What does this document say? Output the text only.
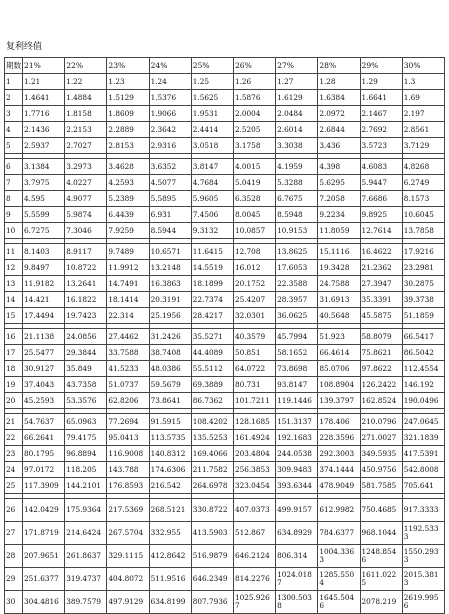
复利终值
期数	21%	22%	23%	24%	25%	26%	27%	28%	29%	30%
1	1.21	1.22	1.23	1.24	1.25	1.26	1.27	1.28	1.29	1.3
2	1.4641	1.4884	1.5129	1.5376	1.5625	1.5876	1.6129	1.6384	1.6641	1.69
3	1.7716	1.8158	1.8609	1.9066	1.9531	2.0004	2.0484	2.0972	2.1467	2.197
4	2.1436	2.2153	2.2889	2.3642	2.4414	2.5205	2.6014	2.6844	2.7692	2.8561
5	2.5937	2.7027	2.8153	2.9316	3.0518	3.1758	3.3038	3.436	3.5723	3.7129

6	3.1384	3.2973	3.4628	3.6352	3.8147	4.0015	4.1959	4.398	4.6083	4.8268
7	3.7975	4.0227	4.2593	4.5077	4.7684	5.0419	5.3288	5.6295	5.9447	6.2749
8	4.595	4.9077	5.2389	5.5895	5.9605	6.3528	6.7675	7.2058	7.6686	8.1573
9	5.5599	5.9874	6.4439	6.931	7.4506	8.0045	8.5948	9.2234	9.8925	10.6045
10	6.7275	7.3046	7.9259	8.5944	9.3132	10.0857	10.9153	11.8059	12.7614	13.7858

11	8.1403	8.9117	9.7489	10.6571	11.6415	12.708	13.8625	15.1116	16.4622	17.9216
12	9.8497	10.8722	11.9912	13.2148	14.5519	16.012	17.6053	19.3428	21.2362	23.2981
13	11.9182	13.2641	14.7491	16.3863	18.1899	20.1752	22.3588	24.7588	27.3947	30.2875
14	14.421	16.1822	18.1414	20.3191	22.7374	25.4207	28.3957	31.6913	35.3391	39.3738
15	17.4494	19.7423	22.314	25.1956	28.4217	32.0301	36.0625	40.5648	45.5875	51.1859

16	21.1138	24.0856	27.4462	31.2426	35.5271	40.3579	45.7994	51.923	58.8079	66.5417
17	25.5477	29.3844	33.7588	38.7408	44.4089	50.851	58.1652	66.4614	75.8621	86.5042
18	30.9127	35.849	41.5233	48.0386	55.5112	64.0722	73.8698	85.0706	97.8622	112.4554
19	37.4043	43.7358	51.0737	59.5679	69.3889	80.731	93.8147	108.8904	126.2422	146.192
20	45.2593	53.3576	62.8206	73.8641	86.7362	101.7211	119.1446	139.3797	162.8524	190.0496

21	54.7637	65.0963	77.2694	91.5915	108.4202	128.1685	151.3137	178.406	210.0796	247.0645
22	66.2641	79.4175	95.0413	113.5735	135.5253	161.4924	192.1683	228.3596	271.0027	321.1839
23	80.1795	96.8894	116.9008	140.8312	169.4066	203.4804	244.0538	292.3003	349.5935	417.5391
24	97.0172	118.205	143.788	174.6306	211.7582	256.3853	309.9483	374.1444	450.9756	542.8008
25	117.3909	144.2101	176.8593	216.542	264.6978	323.0454	393.6344	478.9049	581.7585	705.641

26	142.0429	175.9364	217.5369	268.5121	330.8722	407.0373	499.9157	612.9982	750.4685	917.3333
27	171.8719	214.6424	267.5704	332.955	413.5903	512.867	634.8929	784.6377	968.1044	1192.5333
28	207.9651	261.8637	329.1115	412.8642	516.9879	646.2124	806.314	1004.3363	1248.8546	1550.2933
29	251.6377	319.4737	404.8072	511.9516	646.2349	814.2276	1024.0187	1285.5504	1611.0225	2015.3813
30	304.4816	389.7579	497.9129	634.8199	807.7936	1025.9267	1300.5038	1645.5046	2078.219	2619.9956
